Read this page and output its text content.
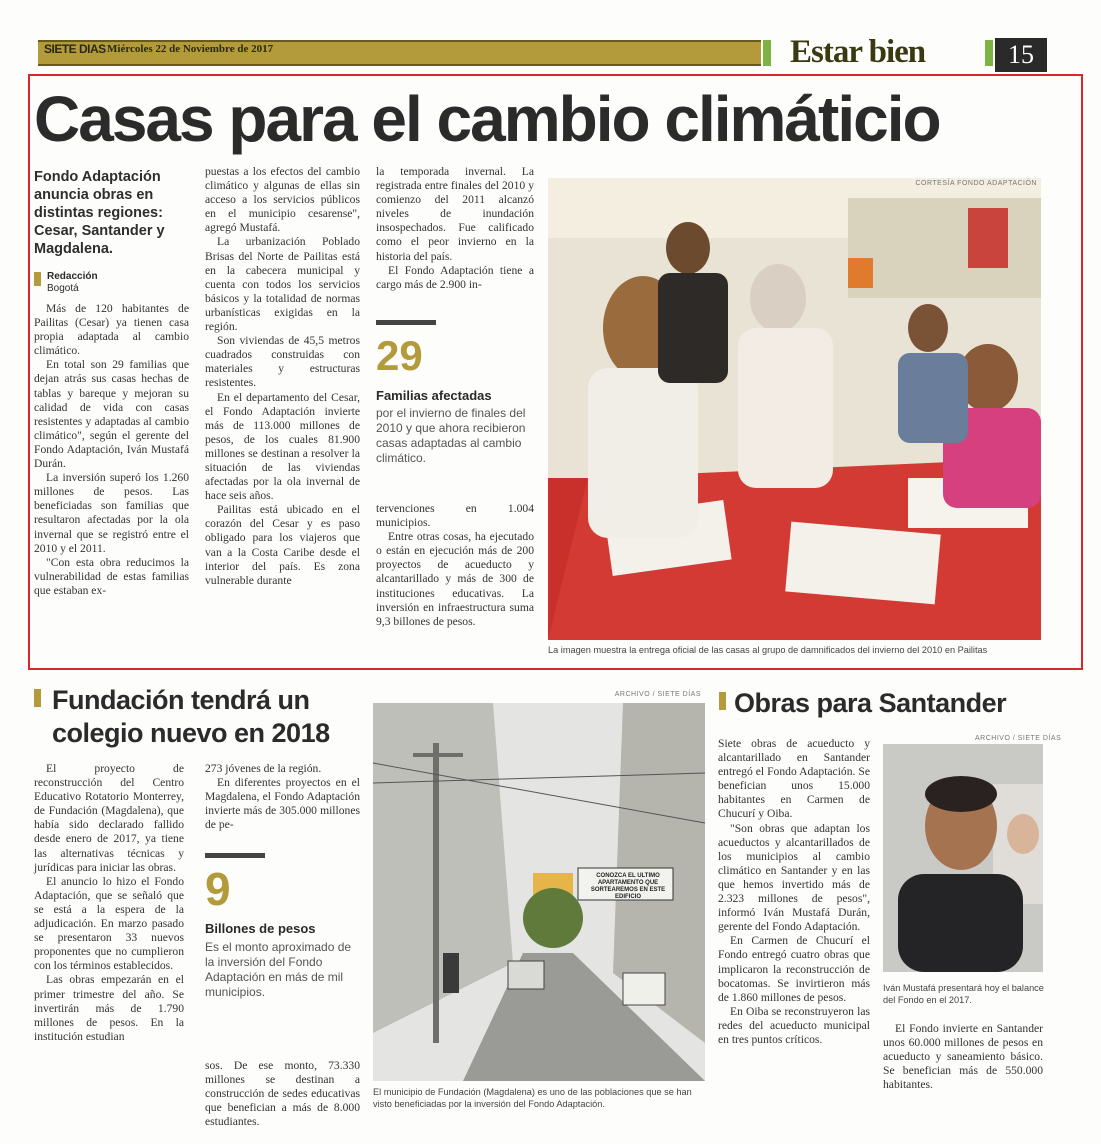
SIETE DIAS Miércoles 22 de Noviembre de 2017	Estar bien	15
Casas para el cambio climáticio
Fondo Adaptación anuncia obras en distintas regiones: Cesar, Santander y Magdalena.
Redacción
Bogotá

Más de 120 habitantes de Pailitas (Cesar) ya tienen casa propia adaptada al cambio climático.

En total son 29 familias que dejan atrás sus casas hechas de tablas y bareque y mejoran su calidad de vida con casas resistentes y adaptadas al cambio climático", según el gerente del Fondo Adaptación, Iván Mustafá Durán.

La inversión superó los 1.260 millones de pesos. Las beneficiadas son familias que resultaron afectadas por la ola invernal que se registró entre el 2010 y el 2011.

"Con esta obra reducimos la vulnerabilidad de estas familias que estaban ex-

puestas a los efectos del cambio climático y algunas de ellas sin acceso a los servicios públicos en el municipio cesarense", agregó Mustafá.

La urbanización Poblado Brisas del Norte de Pailitas está en la cabecera municipal y cuenta con todos los servicios básicos y la totalidad de normas urbanísticas exigidas en la región.

Son viviendas de 45,5 metros cuadrados construidas con materiales y estructuras resistentes.

En el departamento del Cesar, el Fondo Adaptación invierte más de 113.000 millones de pesos, de los cuales 81.900 millones se destinan a resolver la situación de las viviendas afectadas por la ola invernal de hace seis años.

Pailitas está ubicado en el corazón del Cesar y es paso obligado para los viajeros que van a la Costa Caribe desde el interior del país. Es zona vulnerable durante

la temporada invernal. La registrada entre finales del 2010 y comienzo del 2011 alcanzó niveles de inundación insospechados. Fue calificado como el peor invierno en la historia del país.

El Fondo Adaptación tiene a cargo más de 2.900 in-

29
Familias afectadas
por el invierno de finales del 2010 y que ahora recibieron casas adaptadas al cambio climático.

tervenciones en 1.004 municipios.

Entre otras cosas, ha ejecutado o están en ejecución más de 200 proyectos de acueducto y alcantarillado y más de 300 de instituciones educativas. La inversión en infraestructura suma 9,3 billones de pesos.

CORTESÍA FONDO ADAPTACIÓN
La imagen muestra la entrega oficial de las casas al grupo de damnificados del invierno del 2010 en Pailitas
Fundación tendrá un colegio nuevo en 2018

El proyecto de reconstrucción del Centro Educativo Rotatorio Monterrey, de Fundación (Magdalena), que había sido declarado fallido desde enero de 2017, ya tiene las alternativas técnicas y jurídicas para iniciar las obras.

El anuncio lo hizo el Fondo Adaptación, que se señaló que se está a la espera de la adjudicación. En marzo pasado se presentaron 33 nuevos proponentes que no cumplieron con los términos establecidos.

Las obras empezarán en el primer trimestre del año. Se invertirán más de 1.790 millones de pesos. En la institución estudian

273 jóvenes de la región.

En diferentes proyectos en el Magdalena, el Fondo Adaptación invierte más de 305.000 millones de pe-

9
Billones de pesos
Es el monto aproximado de la inversión del Fondo Adaptación en más de mil municipios.

sos. De ese monto, 73.330 millones se destinan a construcción de sedes educativas que benefician a más de 8.000 estudiantes.

CONOZCA EL ULTIMO APARTAMENTO QUE SORTEAREMOS EN ESTE EDIFICIO
ARCHIVO / SIETE DÍAS
El municipio de Fundación (Magdalena) es uno de las poblaciones que se han visto beneficiadas por la inversión del Fondo Adaptación.
Obras para Santander

Siete obras de acueducto y alcantarillado en Santander entregó el Fondo Adaptación. Se benefician unos 15.000 habitantes en Carmen de Chucurí y Oiba.

"Son obras que adaptan los acueductos y alcantarillados de los municipios al cambio climático en Santander y en las que hemos invertido más de 2.323 millones de pesos", informó Iván Mustafá Durán, gerente del Fondo Adaptación.

En Carmen de Chucurí el Fondo entregó cuatro obras que implicaron la reconstrucción de bocatomas. Se invirtieron más de 1.860 millones de pesos.

En Oiba se reconstruyeron las redes del acueducto municipal en tres puntos críticos.

ARCHIVO / SIETE DÍAS
Iván Mustafá presentará hoy el balance del Fondo en el 2017.

El Fondo invierte en Santander unos 60.000 millones de pesos en acueducto y saneamiento básico. Se benefician más de 550.000 habitantes.
